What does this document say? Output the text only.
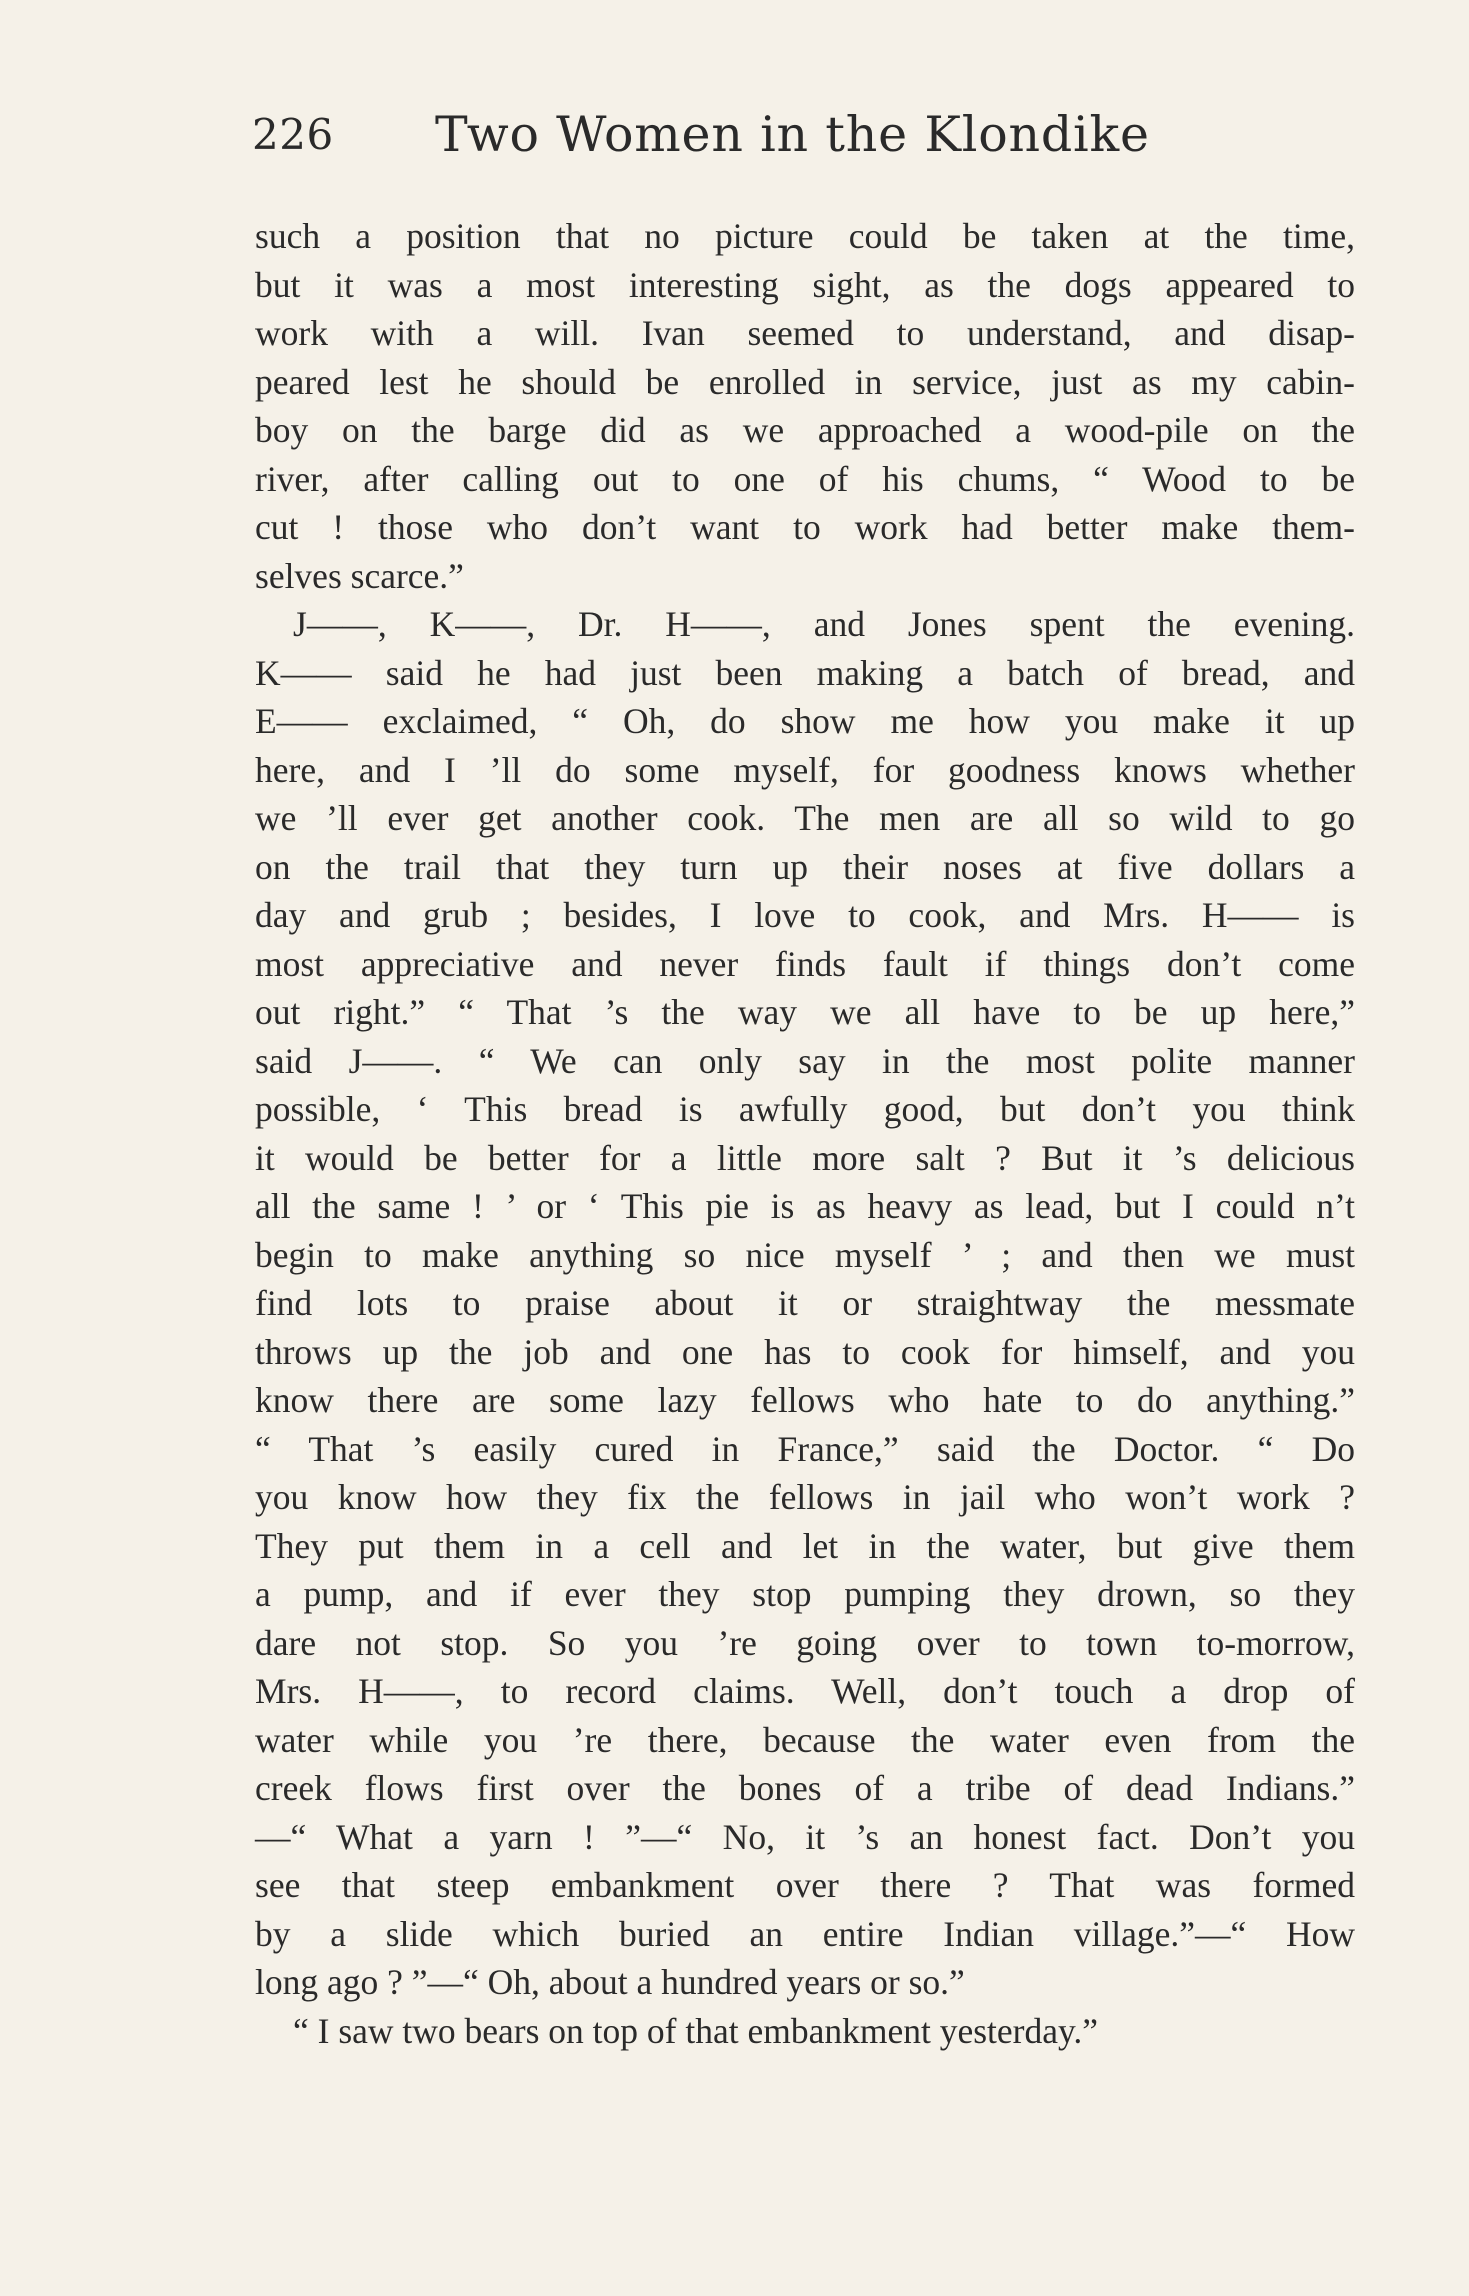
226 Two Women in the Klondike
such a position that no picture could be taken at the time,
but it was a most interesting sight, as the dogs appeared to
work with a will. Ivan seemed to understand, and disap-
peared lest he should be enrolled in service, just as my cabin-
boy on the barge did as we approached a wood-pile on the
river, after calling out to one of his chums, “ Wood to be
cut ! those who don’t want to work had better make them-
selves scarce.”
J——, K——, Dr. H——, and Jones spent the evening.
K—— said he had just been making a batch of bread, and
E—— exclaimed, “ Oh, do show me how you make it up
here, and I ’ll do some myself, for goodness knows whether
we ’ll ever get another cook. The men are all so wild to go
on the trail that they turn up their noses at five dollars a
day and grub ; besides, I love to cook, and Mrs. H—— is
most appreciative and never finds fault if things don’t come
out right.” “ That ’s the way we all have to be up here,”
said J——. “ We can only say in the most polite manner
possible, ‘ This bread is awfully good, but don’t you think
it would be better for a little more salt ? But it ’s delicious
all the same ! ’ or ‘ This pie is as heavy as lead, but I could n’t
begin to make anything so nice myself ’ ; and then we must
find lots to praise about it or straightway the messmate
throws up the job and one has to cook for himself, and you
know there are some lazy fellows who hate to do anything.”
“ That ’s easily cured in France,” said the Doctor. “ Do
you know how they fix the fellows in jail who won’t work ?
They put them in a cell and let in the water, but give them
a pump, and if ever they stop pumping they drown, so they
dare not stop. So you ’re going over to town to-morrow,
Mrs. H——, to record claims. Well, don’t touch a drop of
water while you ’re there, because the water even from the
creek flows first over the bones of a tribe of dead Indians.”
—“ What a yarn ! ”—“ No, it ’s an honest fact. Don’t you
see that steep embankment over there ? That was formed
by a slide which buried an entire Indian village.”—“ How
long ago ? ”—“ Oh, about a hundred years or so.”
“ I saw two bears on top of that embankment yesterday.”
